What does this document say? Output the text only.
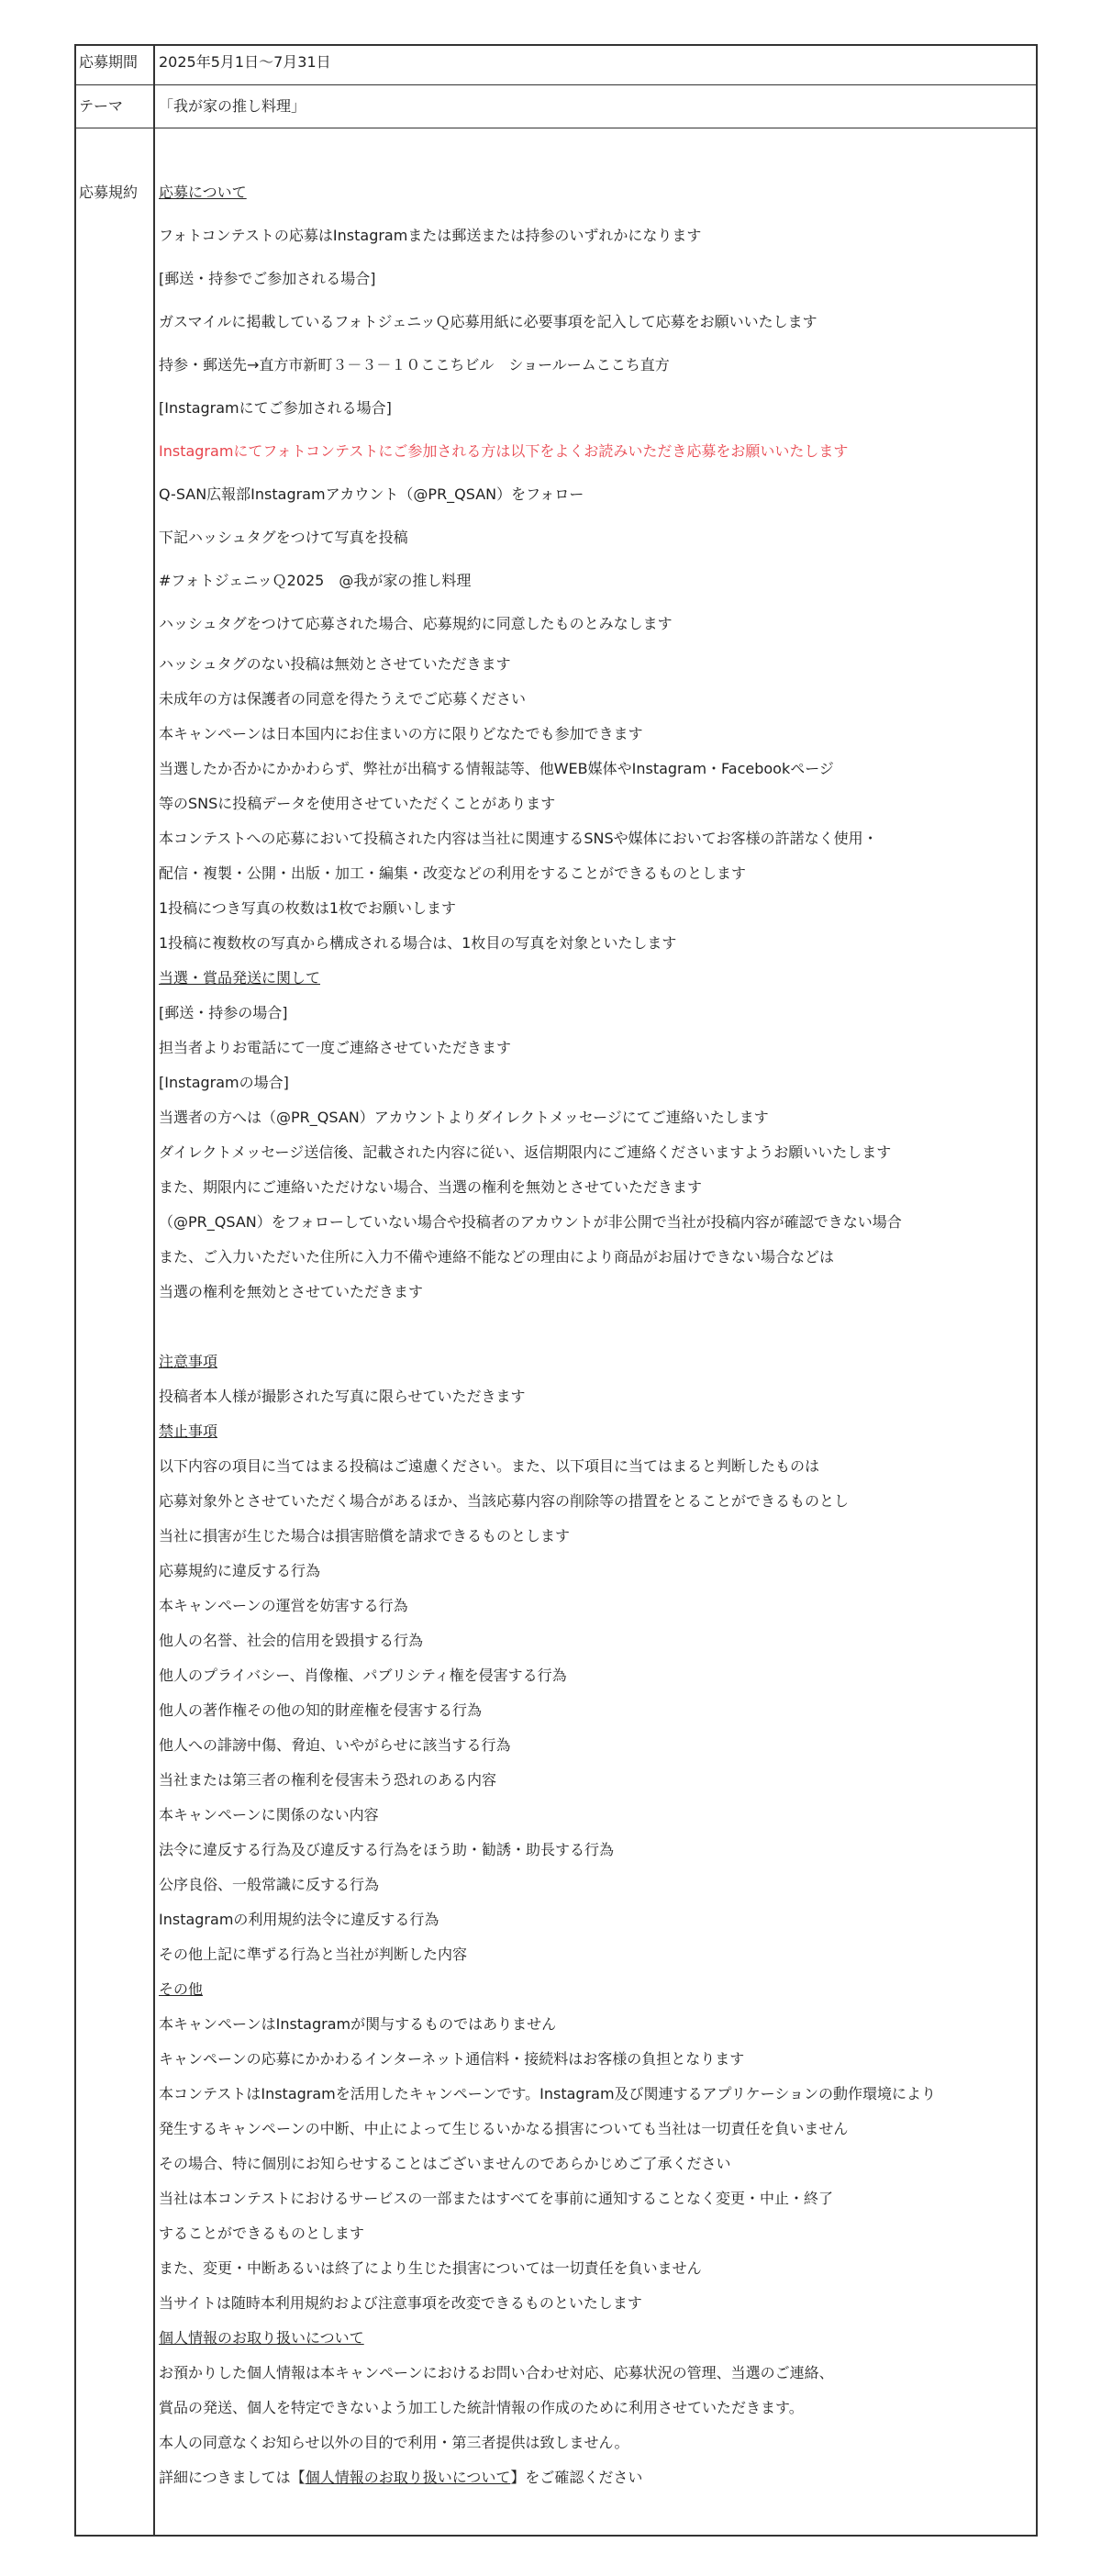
応募期間 2025年5月1日〜7月31日
テーマ 「我が家の推し料理」
応募規約 応募について
フォトコンテストの応募はInstagramまたは郵送または持参のいずれかになります
[郵送・持参でご参加される場合]
ガスマイルに掲載しているフォトジェニッＱ応募用紙に必要事項を記入して応募をお願いいたします
持参・郵送先→直方市新町３－３－１０ここちビル　ショールームここち直方
[Instagramにてご参加される場合]
Instagramにてフォトコンテストにご参加される方は以下をよくお読みいただき応募をお願いいたします
Q-SAN広報部Instagramアカウント（@PR_QSAN）をフォロー
下記ハッシュタグをつけて写真を投稿
#フォトジェニッＱ2025　@我が家の推し料理
ハッシュタグをつけて応募された場合、応募規約に同意したものとみなします
ハッシュタグのない投稿は無効とさせていただきます
未成年の方は保護者の同意を得たうえでご応募ください
本キャンペーンは日本国内にお住まいの方に限りどなたでも参加できます
当選したか否かにかかわらず、弊社が出稿する情報誌等、他WEB媒体やInstagram・Facebookページ
等のSNSに投稿データを使用させていただくことがあります
本コンテストへの応募において投稿された内容は当社に関連するSNSや媒体においてお客様の許諾なく使用・
配信・複製・公開・出版・加工・編集・改変などの利用をすることができるものとします
1投稿につき写真の枚数は1枚でお願いします
1投稿に複数枚の写真から構成される場合は、1枚目の写真を対象といたします
当選・賞品発送に関して
[郵送・持参の場合]
担当者よりお電話にて一度ご連絡させていただきます
[Instagramの場合]
当選者の方へは（@PR_QSAN）アカウントよりダイレクトメッセージにてご連絡いたします
ダイレクトメッセージ送信後、記載された内容に従い、返信期限内にご連絡くださいますようお願いいたします
また、期限内にご連絡いただけない場合、当選の権利を無効とさせていただきます
（@PR_QSAN）をフォローしていない場合や投稿者のアカウントが非公開で当社が投稿内容が確認できない場合
また、ご入力いただいた住所に入力不備や連絡不能などの理由により商品がお届けできない場合などは
当選の権利を無効とさせていただきます
注意事項
投稿者本人様が撮影された写真に限らせていただきます
禁止事項
以下内容の項目に当てはまる投稿はご遠慮ください。また、以下項目に当てはまると判断したものは
応募対象外とさせていただく場合があるほか、当該応募内容の削除等の措置をとることができるものとし
当社に損害が生じた場合は損害賠償を請求できるものとします
応募規約に違反する行為
本キャンペーンの運営を妨害する行為
他人の名誉、社会的信用を毀損する行為
他人のプライバシー、肖像権、パブリシティ権を侵害する行為
他人の著作権その他の知的財産権を侵害する行為
他人への誹謗中傷、脅迫、いやがらせに該当する行為
当社または第三者の権利を侵害未う恐れのある内容
本キャンペーンに関係のない内容
法令に違反する行為及び違反する行為をほう助・勧誘・助長する行為
公序良俗、一般常識に反する行為
Instagramの利用規約法令に違反する行為
その他上記に準ずる行為と当社が判断した内容
その他
本キャンペーンはInstagramが関与するものではありません
キャンペーンの応募にかかわるインターネット通信料・接続料はお客様の負担となります
本コンテストはInstagramを活用したキャンペーンです。Instagram及び関連するアプリケーションの動作環境により
発生するキャンペーンの中断、中止によって生じるいかなる損害についても当社は一切責任を負いません
その場合、特に個別にお知らせすることはございませんのであらかじめご了承ください
当社は本コンテストにおけるサービスの一部またはすべてを事前に通知することなく変更・中止・終了
することができるものとします
また、変更・中断あるいは終了により生じた損害については一切責任を負いません
当サイトは随時本利用規約および注意事項を改変できるものといたします
個人情報のお取り扱いについて
お預かりした個人情報は本キャンペーンにおけるお問い合わせ対応、応募状況の管理、当選のご連絡、
賞品の発送、個人を特定できないよう加工した統計情報の作成のために利用させていただきます。
本人の同意なくお知らせ以外の目的で利用・第三者提供は致しません。
詳細につきましては【個人情報のお取り扱いについて】をご確認ください
